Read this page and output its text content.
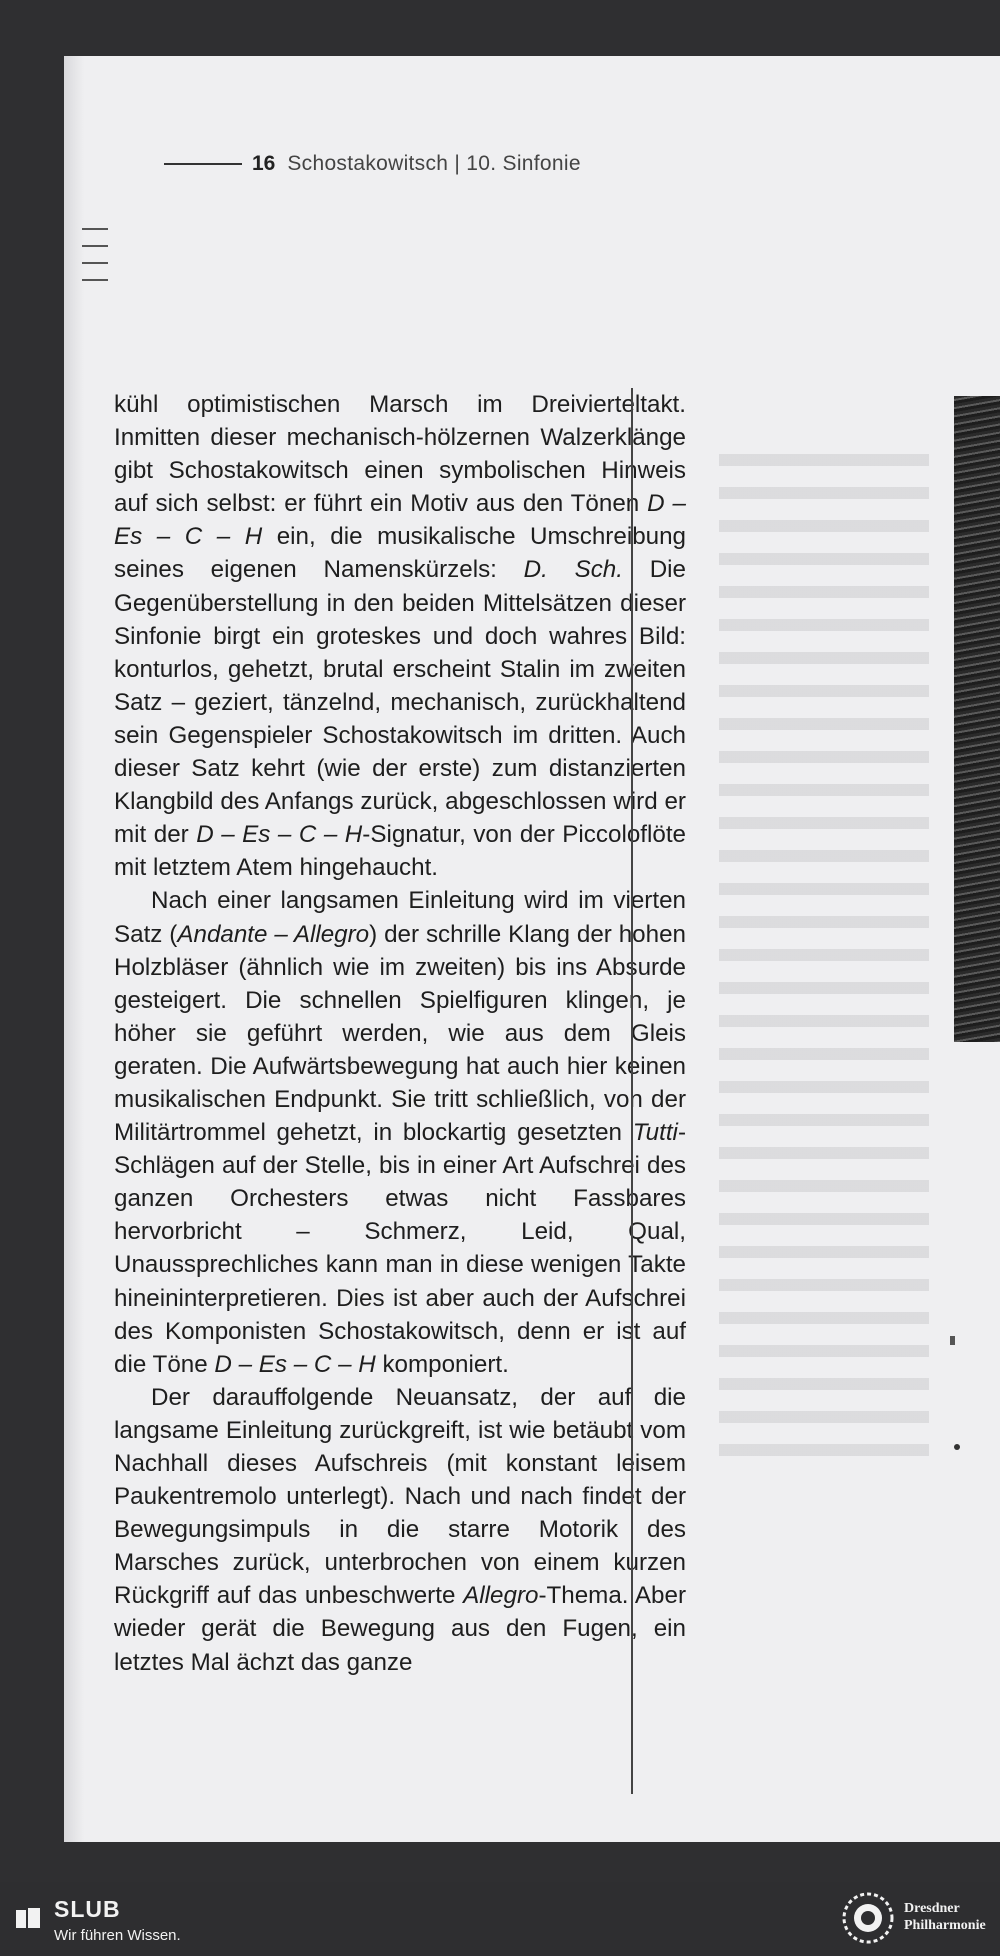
16 Schostakowitsch | 10. Sinfonie

kühl optimistischen Marsch im Dreivierteltakt. Inmitten dieser mechanisch-hölzernen Walzerklänge gibt Schostakowitsch einen symbolischen Hinweis auf sich selbst: er führt ein Motiv aus den Tönen D – Es – C – H ein, die musikalische Umschreibung seines eigenen Namenskürzels: D. Sch. Die Gegenüberstellung in den beiden Mittelsätzen dieser Sinfonie birgt ein groteskes und doch wahres Bild: konturlos, gehetzt, brutal erscheint Stalin im zweiten Satz – geziert, tänzelnd, mechanisch, zurückhaltend sein Gegenspieler Schostakowitsch im dritten. Auch dieser Satz kehrt (wie der erste) zum distanzierten Klangbild des Anfangs zurück, abgeschlossen wird er mit der D – Es – C – H-Signatur, von der Piccoloflöte mit letztem Atem hingehaucht.

Nach einer langsamen Einleitung wird im vierten Satz (Andante – Allegro) der schrille Klang der hohen Holzbläser (ähnlich wie im zweiten) bis ins Absurde gesteigert. Die schnellen Spielfiguren klingen, je höher sie geführt werden, wie aus dem Gleis geraten. Die Aufwärtsbewegung hat auch hier keinen musikalischen Endpunkt. Sie tritt schließlich, von der Militärtrommel gehetzt, in blockartig gesetzten Tutti-Schlägen auf der Stelle, bis in einer Art Aufschrei des ganzen Orchesters etwas nicht Fassbares hervorbricht – Schmerz, Leid, Qual, Unaussprechliches kann man in diese wenigen Takte hineininterpretieren. Dies ist aber auch der Aufschrei des Komponisten Schostakowitsch, denn er ist auf die Töne D – Es – C – H komponiert.

Der darauffolgende Neuansatz, der auf die langsame Einleitung zurückgreift, ist wie betäubt vom Nachhall dieses Aufschreis (mit konstant leisem Paukentremolo unterlegt). Nach und nach findet der Bewegungsimpuls in die starre Motorik des Marsches zurück, unterbrochen von einem kurzen Rückgriff auf das unbeschwerte Allegro-Thema. Aber wieder gerät die Bewegung aus den Fugen, ein letztes Mal ächzt das ganze

SLUB
Wir führen Wissen.
Dresdner
Philharmonie
